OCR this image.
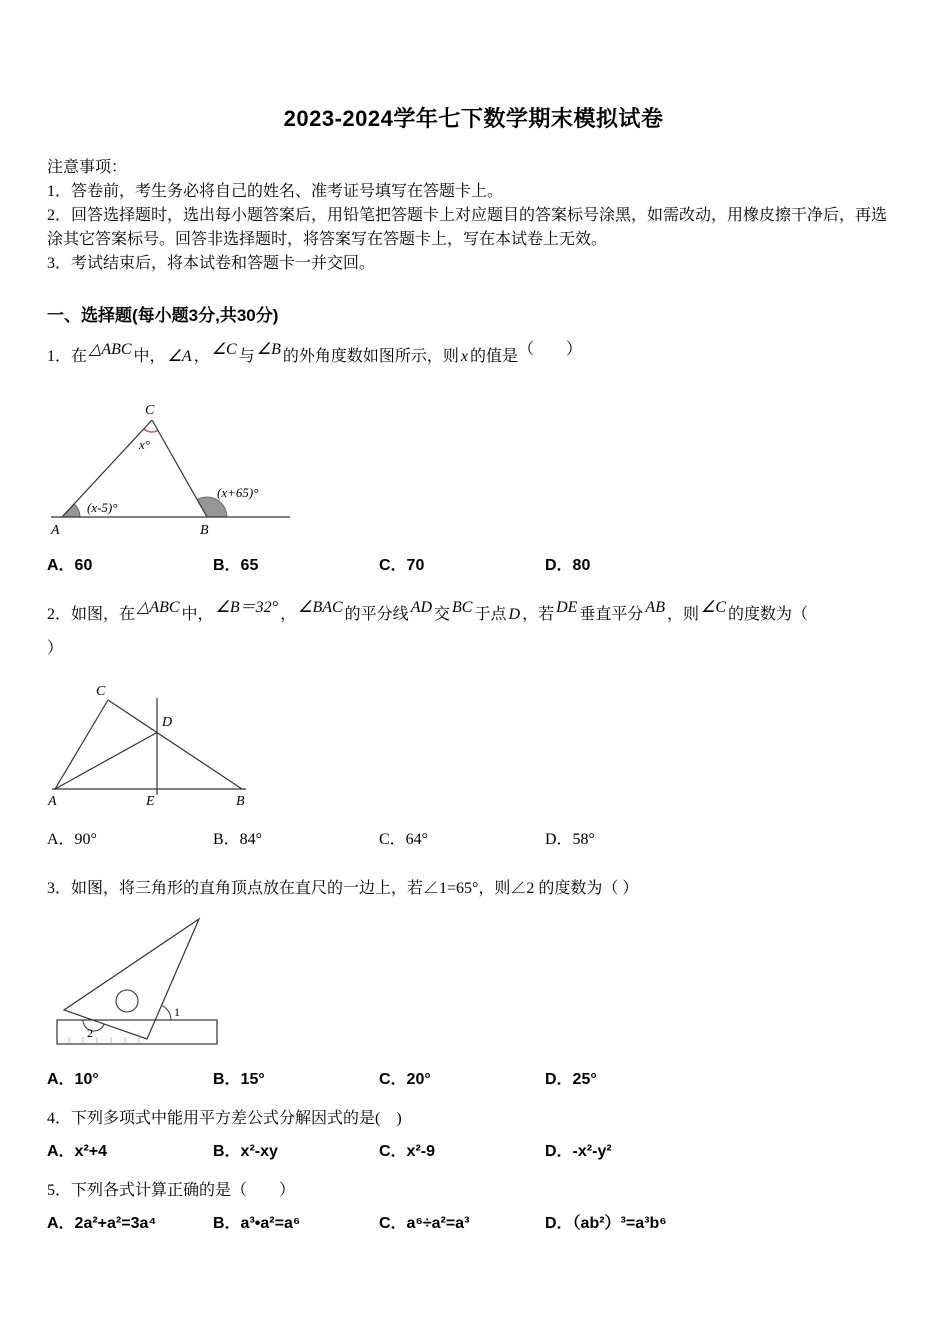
2023-2024学年七下数学期末模拟试卷

注意事项：

1．答卷前，考生务必将自己的姓名、准考证号填写在答题卡上。

2．回答选择题时，选出每小题答案后，用铅笔把答题卡上对应题目的答案标号涂黑，如需改动，用橡皮擦干净后，再选涂其它答案标号。回答非选择题时，将答案写在答题卡上，写在本试卷上无效。

3．考试结束后，将本试卷和答题卡一并交回。

一、选择题(每小题3分,共30分)

1．在 △ABC 中， ∠A ， ∠C 与 ∠B 的外角度数如图所示，则 x 的值是（　　）

C
A	B
x°
(x-5)°
(x+65)°
A．60	B．65	C．70	D．80

2．如图，在 △ABC 中， ∠B＝32° ， ∠BAC 的平分线 AD 交 BC 于点 D ，若 DE 垂直平分 AB ，则 ∠C 的度数为（
）

C
D
A	E	B
A．90°	B．84°	C．64°	D．58°

3．如图，将三角形的直角顶点放在直尺的一边上，若∠1=65°，则∠2 的度数为（ ）

1
2
A．10°	B．15°	C．20°	D．25°

4．下列多项式中能用平方差公式分解因式的是(　)

A．x²+4	B．x²-xy	C．x²-9	D．-x²-y²

5．下列各式计算正确的是（　　）

A．2a²+a²=3a⁴	B．a³•a²=a⁶	C．a⁶÷a²=a³	D．（ab²）³=a³b⁶
